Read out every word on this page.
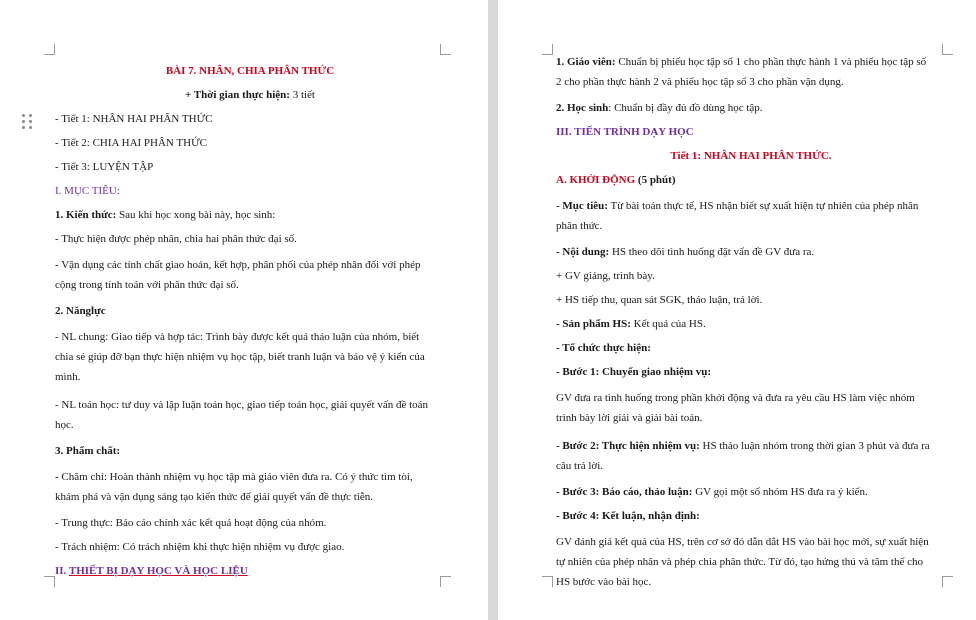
BÀI 7. NHÂN, CHIA PHÂN THỨC
+ Thời gian thực hiện: 3 tiết
- Tiết 1: NHÂN HAI PHÂN THỨC
- Tiết 2: CHIA HAI PHÂN THỨC
- Tiết 3: LUYỆN TẬP
I. MỤC TIÊU:
1. Kiến thức: Sau khi học xong bài này, học sinh:
- Thực hiện được phép nhân, chia hai phân thức đại số.
- Vận dụng các tính chất giao hoán, kết hợp, phân phối của phép nhân đối với phép
cộng trong tính toán với phân thức đại số.
2. Nănglực
- NL chung: Giao tiếp và hợp tác: Trình bày được kết quả thảo luận của nhóm, biết
chia sẻ giúp đỡ bạn thực hiện nhiệm vụ học tập, biết tranh luận và bảo vệ ý kiến của
mình.
- NL toán học: tư duy và lập luận toán học, giao tiếp toán học, giải quyết vấn đề toán
học.
3. Phẩm chất:
- Chăm chỉ: Hoàn thành nhiệm vụ học tập mà giáo viên đưa ra. Có ý thức tìm tòi,
khám phá và vận dụng sáng tạo kiến thức để giải quyết vấn đề thực tiễn.
- Trung thực: Báo cáo chính xác kết quả hoạt động của nhóm.
- Trách nhiệm: Có trách nhiệm khi thực hiện nhiệm vụ được giao.
II. THIẾT BỊ DẠY HỌC VÀ HỌC LIỆU
1. Giáo viên: Chuẩn bị phiếu học tập số 1 cho phần thực hành 1 và phiếu học tập số
2 cho phần thực hành 2 và phiếu học tập số 3 cho phần vận dụng.
2. Học sinh: Chuẩn bị đầy đủ đồ dùng học tập.
III. TIẾN TRÌNH DẠY HỌC
Tiết 1: NHÂN HAI PHÂN THỨC.
A. KHỞI ĐỘNG (5 phút)
- Mục tiêu: Từ bài toán thực tế, HS nhận biết sự xuất hiện tự nhiên của phép nhân
phân thức.
- Nội dung: HS theo dõi tình huống đặt vấn đề GV đưa ra.
+ GV giảng, trình bày.
+ HS tiếp thu, quan sát SGK, thảo luận, trả lời.
- Sản phẩm HS: Kết quả của HS.
- Tổ chức thực hiện:
- Bước 1: Chuyển giao nhiệm vụ:
GV đưa ra tình huống trong phần khởi động và đưa ra yêu cầu HS làm việc nhóm
trình bày lời giải và giải bài toán.
- Bước 2: Thực hiện nhiệm vụ: HS thảo luận nhóm trong thời gian 3 phút và đưa ra
câu trả lời.
- Bước 3: Báo cáo, thảo luận: GV gọi một số nhóm HS đưa ra ý kiến.
- Bước 4: Kết luận, nhận định:
GV đánh giá kết quả của HS, trên cơ sở đó dẫn dắt HS vào bài học mới, sự xuất hiện
tự nhiên của phép nhân và phép chia phân thức. Từ đó, tạo hứng thú và tâm thế cho
HS bước vào bài học.
